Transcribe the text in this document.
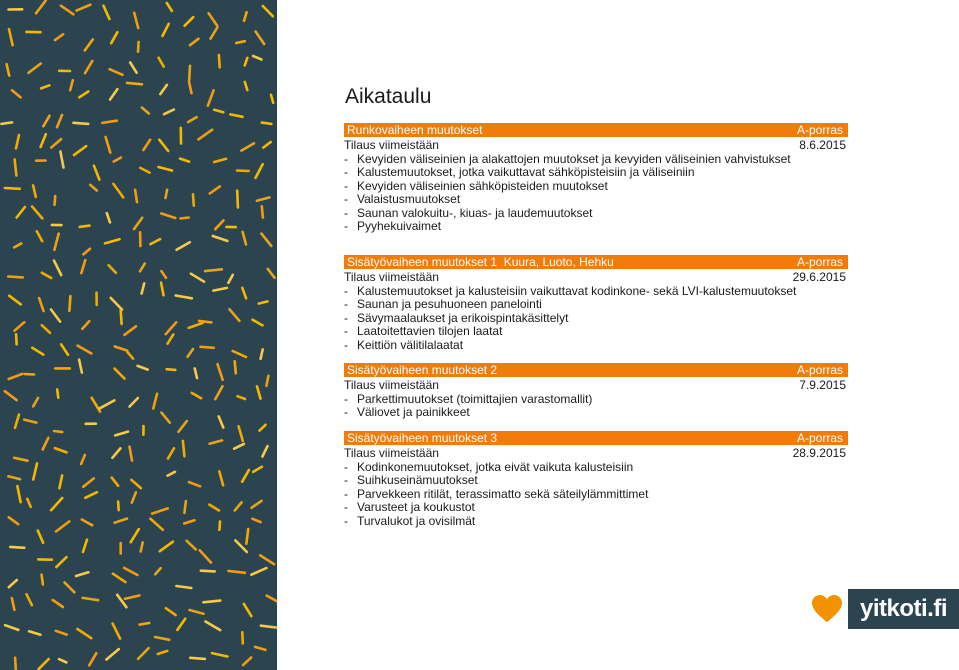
Aikataulu
Runkovaiheen muutokset	A-porras
Tilaus viimeistään	8.6.2015
- Kevyiden väliseinien ja alakattojen muutokset ja kevyiden väliseinien vahvistukset
- Kalustemuutokset, jotka vaikuttavat sähköpisteisiin ja väliseiniin
- Kevyiden väliseinien sähköpisteiden muutokset
- Valaistusmuutokset
- Saunan valokuitu-, kiuas- ja laudemuutokset
- Pyyhekuivaimet
Sisätyövaiheen muutokset 1  Kuura, Luoto, Hehku	A-porras
Tilaus viimeistään	29.6.2015
- Kalustemuutokset ja kalusteisiin vaikuttavat kodinkone- sekä LVI-kalustemuutokset
- Saunan ja pesuhuoneen panelointi
- Sävymaalaukset ja erikoispintakäsittelyt
- Laatoitettavien tilojen laatat
- Keittiön välitilalaatat
Sisätyövaiheen muutokset 2	A-porras
Tilaus viimeistään	7.9.2015
- Parkettimuutokset (toimittajien varastomallit)
- Väliovet ja painikkeet
Sisätyövaiheen muutokset 3	A-porras
Tilaus viimeistään	28.9.2015
- Kodinkonemuutokset, jotka eivät vaikuta kalusteisiin
- Suihkuseinämuutokset
- Parvekkeen ritilät, terassimatto sekä säteilylämmittimet
- Varusteet ja koukustot
- Turvalukot ja ovisilmät
yitkoti.fi
